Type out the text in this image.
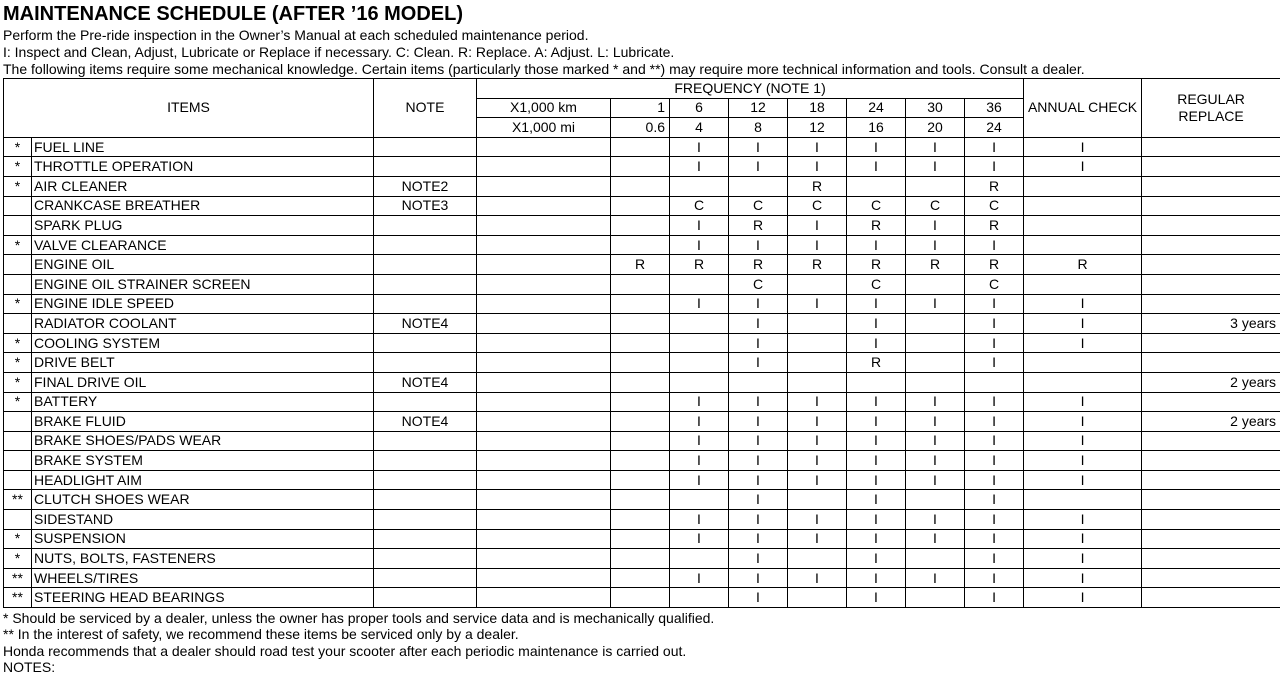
MAINTENANCE SCHEDULE (AFTER ’16 MODEL)
Perform the Pre-ride inspection in the Owner’s Manual at each scheduled maintenance period.
I: Inspect and Clean, Adjust, Lubricate or Replace if necessary. C: Clean. R: Replace. A: Adjust. L: Lubricate.
The following items require some mechanical knowledge. Certain items (particularly those marked * and **) may require more technical information and tools. Consult a dealer.
ITEMS		NOTE	FREQUENCY (NOTE 1)								ANNUAL CHECK	REGULAR REPLACE
			X1,000 km	1	6	12	18	24	30	36		
			X1,000 mi	0.6	4	8	12	16	20	24		
*	FUEL LINE				I	I	I	I	I	I	I	
*	THROTTLE OPERATION				I	I	I	I	I	I	I	
*	AIR CLEANER	NOTE2					R			R		
	CRANKCASE BREATHER	NOTE3			C	C	C	C	C	C		
	SPARK PLUG				I	R	I	R	I	R		
*	VALVE CLEARANCE				I	I	I	I	I	I		
	ENGINE OIL			R	R	R	R	R	R	R	R	
	ENGINE OIL STRAINER SCREEN					C		C		C		
*	ENGINE IDLE SPEED				I	I	I	I	I	I	I	
	RADIATOR COOLANT	NOTE4				I		I		I	I	3 years
*	COOLING SYSTEM					I		I		I	I	
*	DRIVE BELT					I		R		I		
*	FINAL DRIVE OIL	NOTE4										2 years
*	BATTERY				I	I	I	I	I	I	I	
	BRAKE FLUID	NOTE4			I	I	I	I	I	I	I	2 years
	BRAKE SHOES/PADS WEAR				I	I	I	I	I	I	I	
	BRAKE SYSTEM				I	I	I	I	I	I	I	
	HEADLIGHT AIM				I	I	I	I	I	I	I	
**	CLUTCH SHOES WEAR					I		I		I		
	SIDESTAND				I	I	I	I	I	I	I	
*	SUSPENSION				I	I	I	I	I	I	I	
*	NUTS, BOLTS, FASTENERS					I		I		I	I	
**	WHEELS/TIRES				I	I	I	I	I	I	I	
**	STEERING HEAD BEARINGS					I		I		I	I	
* Should be serviced by a dealer, unless the owner has proper tools and service data and is mechanically qualified.
** In the interest of safety, we recommend these items be serviced only by a dealer.
Honda recommends that a dealer should road test your scooter after each periodic maintenance is carried out.
NOTES:
